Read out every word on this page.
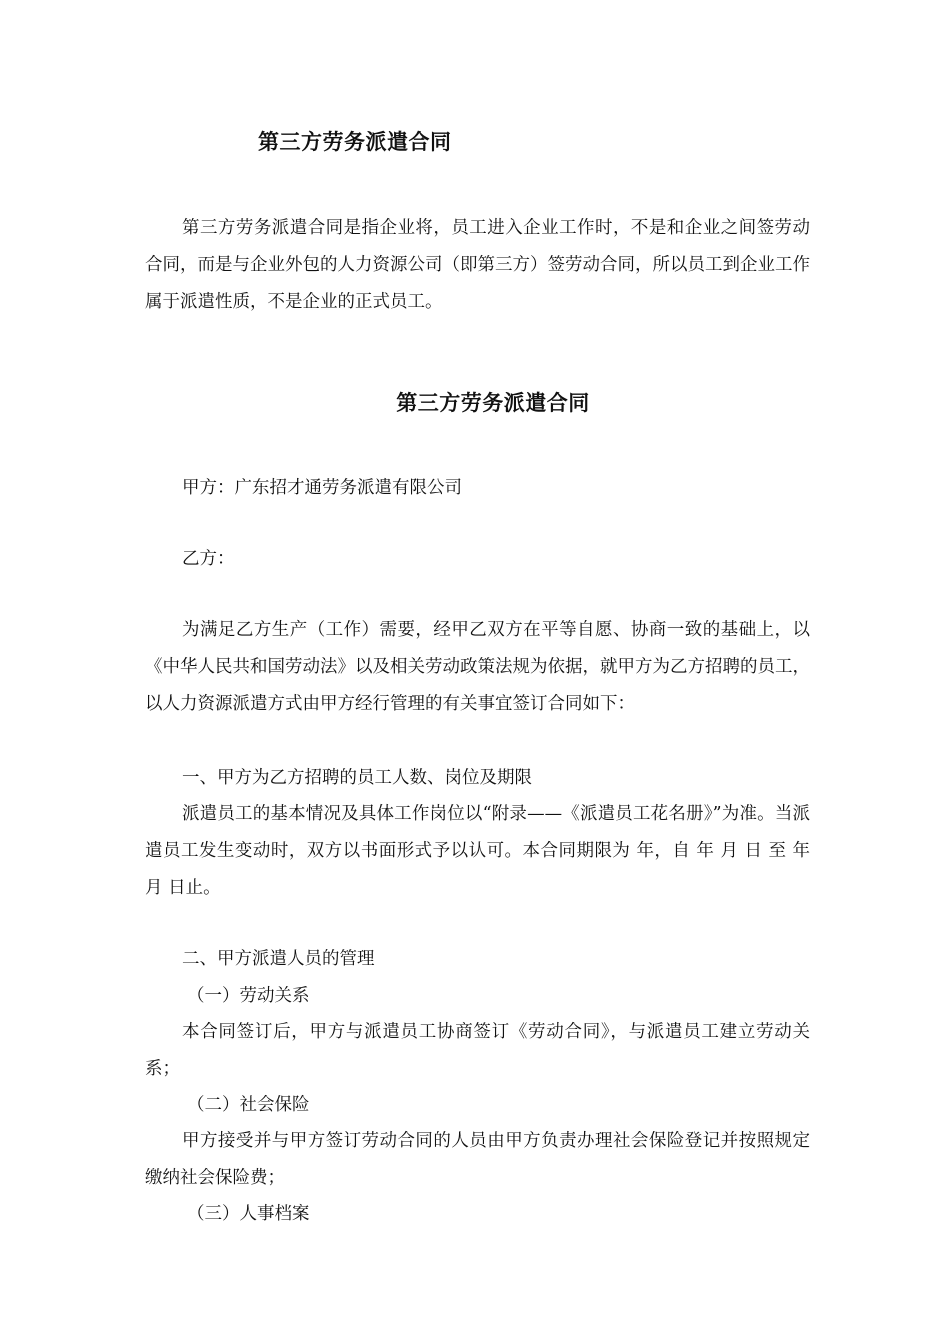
第三方劳务派遣合同
第三方劳务派遣合同是指企业将，员工进入企业工作时，不是和企业之间签劳动合同，而是与企业外包的人力资源公司（即第三方）签劳动合同，所以员工到企业工作属于派遣性质，不是企业的正式员工。
第三方劳务派遣合同
甲方：广东招才通劳务派遣有限公司
乙方：
为满足乙方生产（工作）需要，经甲乙双方在平等自愿、协商一致的基础上，以《中华人民共和国劳动法》以及相关劳动政策法规为依据，就甲方为乙方招聘的员工，以人力资源派遣方式由甲方经行管理的有关事宜签订合同如下：
一、甲方为乙方招聘的员工人数、岗位及期限
派遣员工的基本情况及具体工作岗位以“附录——《派遣员工花名册》”为准。当派遣员工发生变动时，双方以书面形式予以认可。本合同期限为 年，自 年 月 日 至 年 月 日止。
二、甲方派遣人员的管理
（一）劳动关系
本合同签订后，甲方与派遣员工协商签订《劳动合同》，与派遣员工建立劳动关系；
（二）社会保险
甲方接受并与甲方签订劳动合同的人员由甲方负责办理社会保险登记并按照规定缴纳社会保险费；
（三）人事档案
